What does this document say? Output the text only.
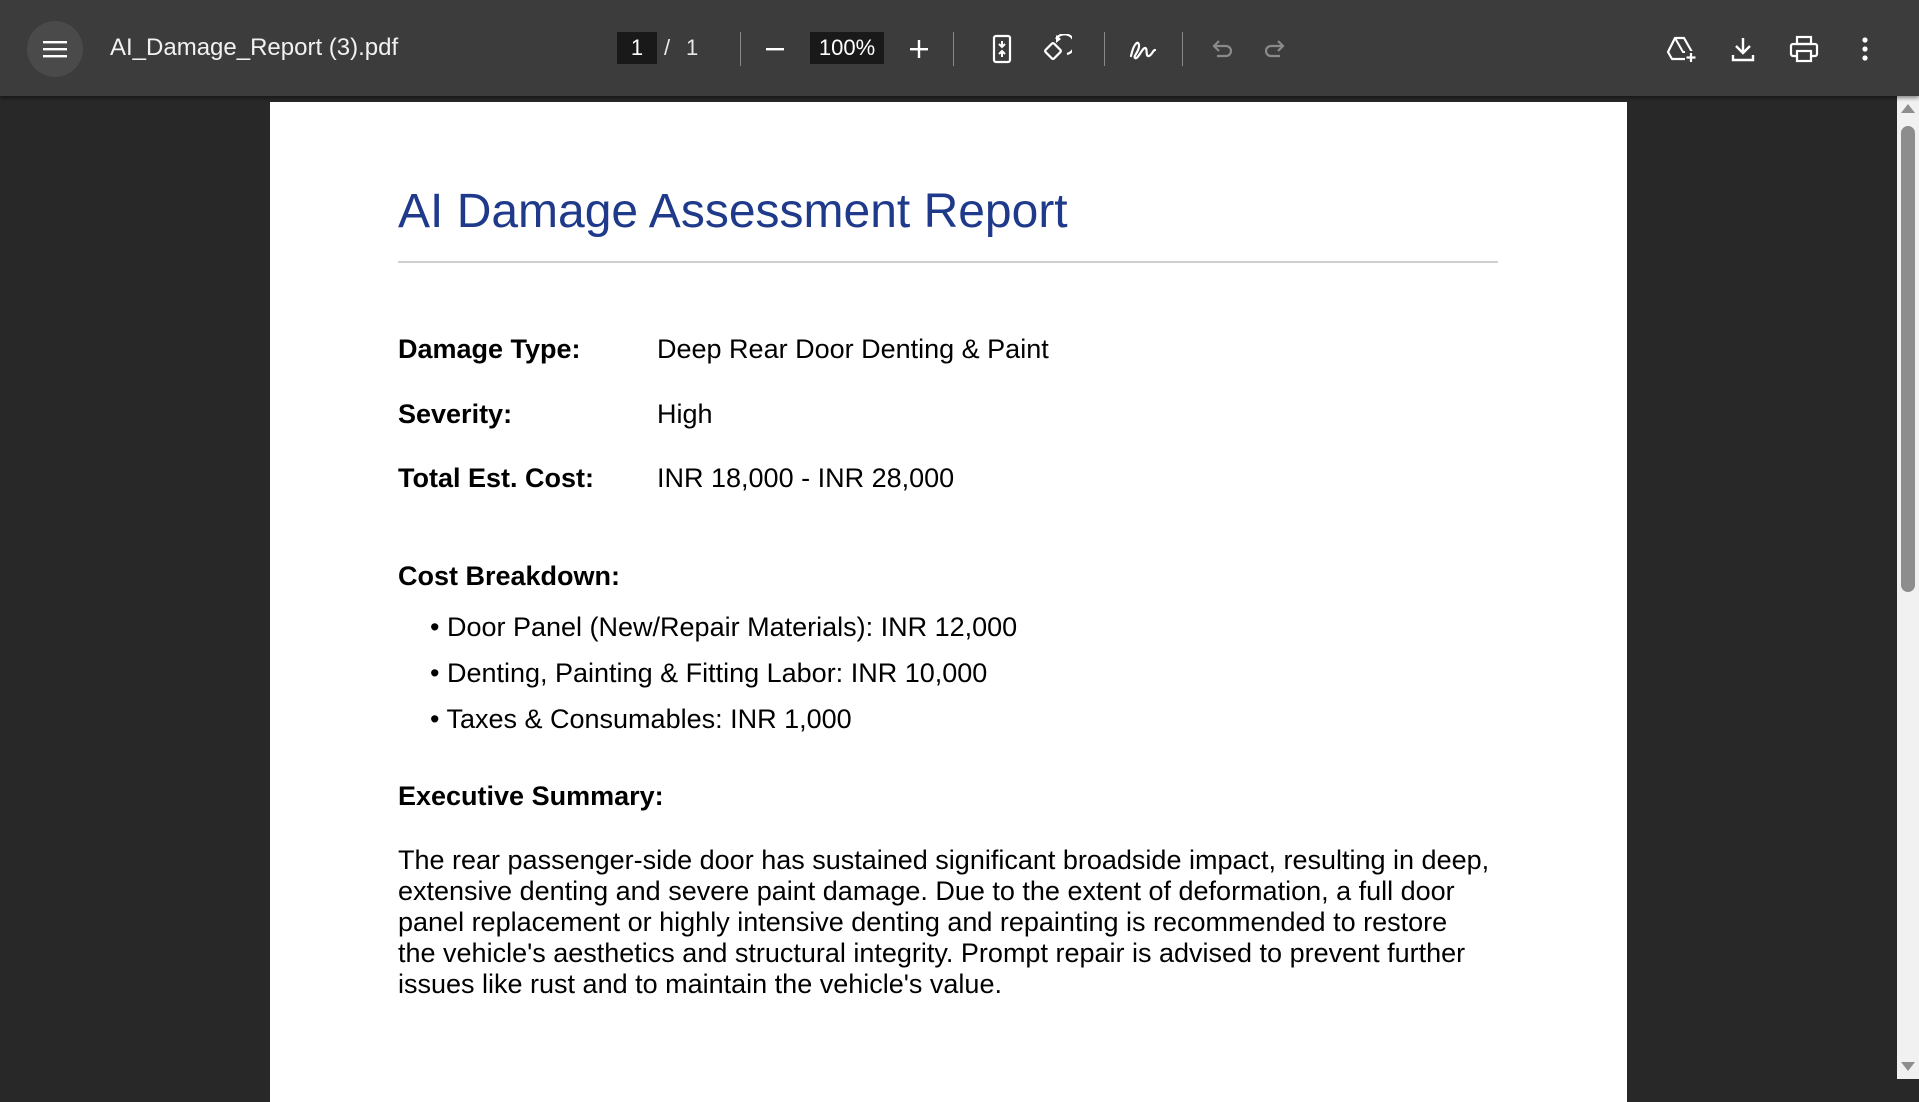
AI_Damage_Report (3).pdf
1	/ 1
100%
AI Damage Assessment Report
Damage Type:	Deep Rear Door Denting & Paint
Severity:	High
Total Est. Cost: INR 18,000 - INR 28,000
Cost Breakdown:
• Door Panel (New/Repair Materials): INR 12,000
• Denting, Painting & Fitting Labor: INR 10,000
• Taxes & Consumables: INR 1,000
Executive Summary:
The rear passenger-side door has sustained significant broadside impact, resulting in deep,
extensive denting and severe paint damage. Due to the extent of deformation, a full door
panel replacement or highly intensive denting and repainting is recommended to restore
the vehicle's aesthetics and structural integrity. Prompt repair is advised to prevent further
issues like rust and to maintain the vehicle's value.
